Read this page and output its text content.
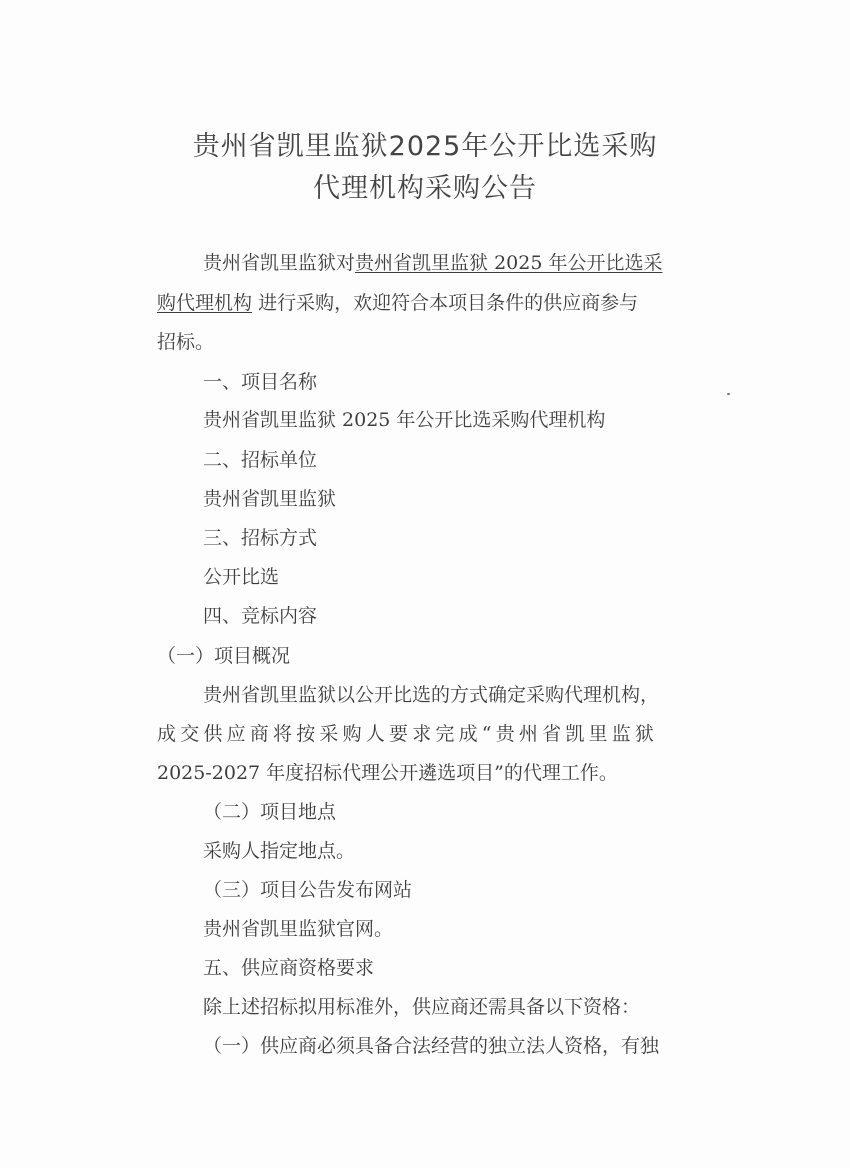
贵州省凯里监狱2025年公开比选采购
代理机构采购公告
贵州省凯里监狱对贵州省凯里监狱 2025 年公开比选采
购代理机构 进行采购，欢迎符合本项目条件的供应商参与
招标。
一、项目名称
贵州省凯里监狱 2025 年公开比选采购代理机构
二、招标单位
贵州省凯里监狱
三、招标方式
公开比选
四、竞标内容
（一）项目概况
贵州省凯里监狱以公开比选的方式确定采购代理机构，
成交供应商将按采购人要求完成“贵州省凯里监狱
2025-2027 年度招标代理公开遴选项目”的代理工作。
（二）项目地点
采购人指定地点。
（三）项目公告发布网站
贵州省凯里监狱官网。
五、供应商资格要求
除上述招标拟用标准外，供应商还需具备以下资格：
（一）供应商必须具备合法经营的独立法人资格，有独
